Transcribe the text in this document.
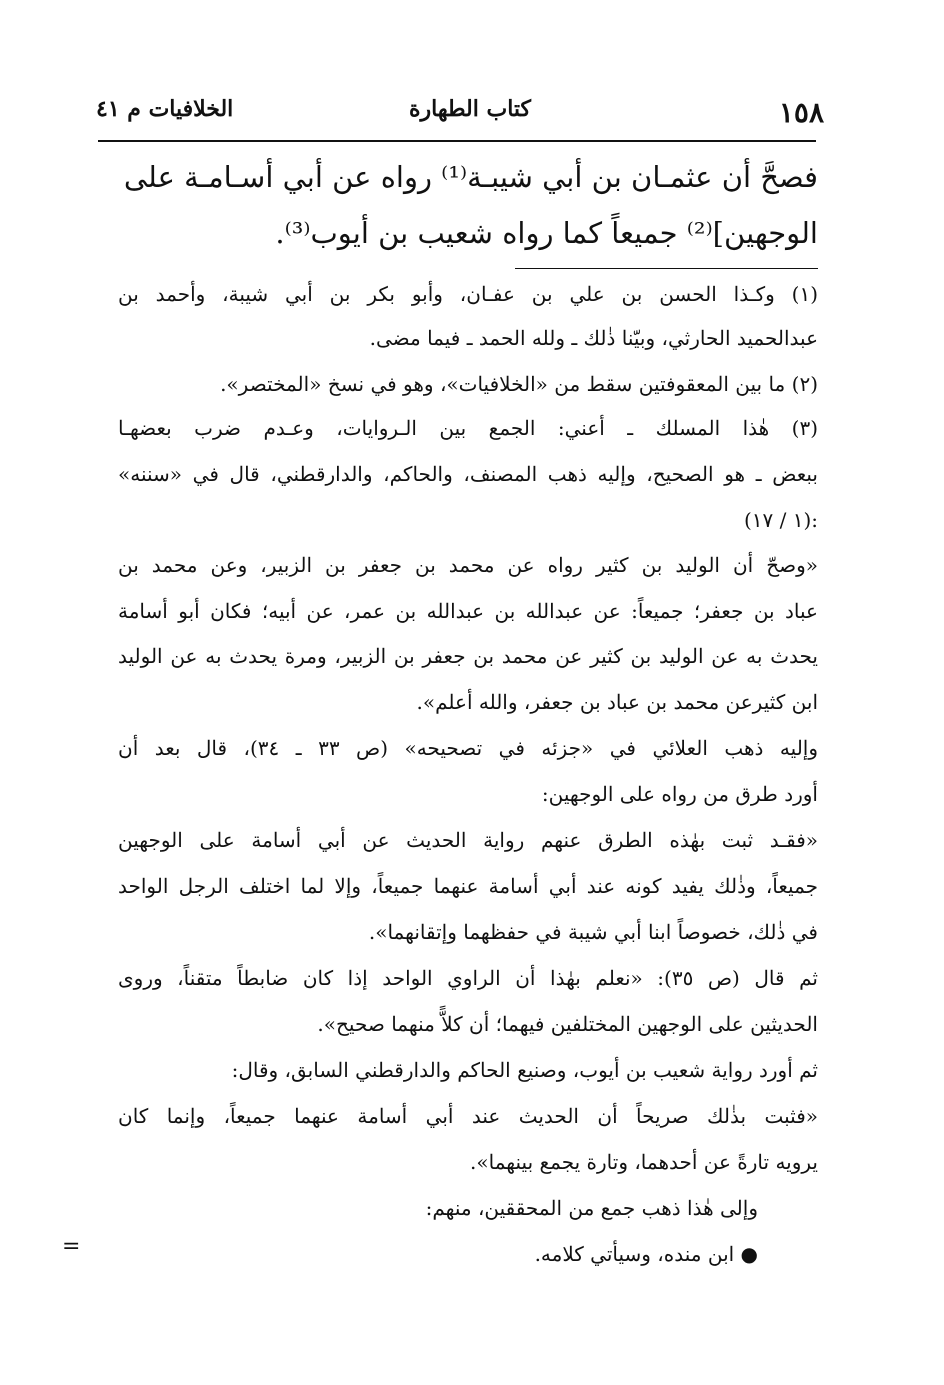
الخلافيات م ٤١	كتاب الطهارة	١٥٨
فصحَّ أن عثمـان بن أبي شيبـة⁽¹⁾ رواه عن أبي أسـامـة على
الوجهين]⁽²⁾ جميعاً كما رواه شعيب بن أيوب⁽³⁾.
(١) وكـذا الحسن بن علي بن عفـان، وأبو بكر بن أبي شيبة، وأحمد بن
عبدالحميد الحارثي، وبيّنا ذٰلك ـ ولله الحمد ـ فيما مضى.
(٢) ما بين المعقوفتين سقط من «الخلافيات»، وهو في نسخ «المختصر».
(٣) هٰذا المسلك ـ أعني: الجمع بين الـروايات، وعـدم ضرب بعضهـا
ببعض ـ هو الصحيح، وإليه ذهب المصنف، والحاكم، والدارقطني، قال في «سننه»
(١ / ١٧):
«وصحّ أن الوليد بن كثير رواه عن محمد بن جعفر بن الزبير، وعن محمد بن
عباد بن جعفر؛ جميعاً: عن عبدالله بن عبدالله بن عمر، عن أبيه؛ فكان أبو أسامة
يحدث به عن الوليد بن كثير عن محمد بن جعفر بن الزبير، ومرة يحدث به عن الوليد
ابن كثيرعن محمد بن عباد بن جعفر، والله أعلم».
وإليه ذهب العلائي في «جزئه في تصحيحه» (ص ٣٣ ـ ٣٤)، قال بعد أن
أورد طرق من رواه على الوجهين:
«فقـد ثبت بهٰذه الطرق عنهم رواية الحديث عن أبي أسامة على الوجهين
جميعاً، وذٰلك يفيد كونه عند أبي أسامة عنهما جميعاً، وإلا لما اختلف الرجل الواحد
في ذٰلك، خصوصاً ابنا أبي شيبة في حفظهما وإتقانهما».
ثم قال (ص ٣٥): «نعلم بهٰذا أن الراوي الواحد إذا كان ضابطاً متقناً، وروى
الحديثين على الوجهين المختلفين فيهما؛ أن كلاًّ منهما صحيح».
ثم أورد رواية شعيب بن أيوب، وصنيع الحاكم والدارقطني السابق، وقال:
«فثبت بذٰلك صريحاً أن الحديث عند أبي أسامة عنهما جميعاً، وإنما كان
يرويه تارةً عن أحدهما، وتارة يجمع بينهما».
وإلى هٰذا ذهب جمع من المحققين، منهم:
● ابن منده، وسيأتي كلامه.
=
